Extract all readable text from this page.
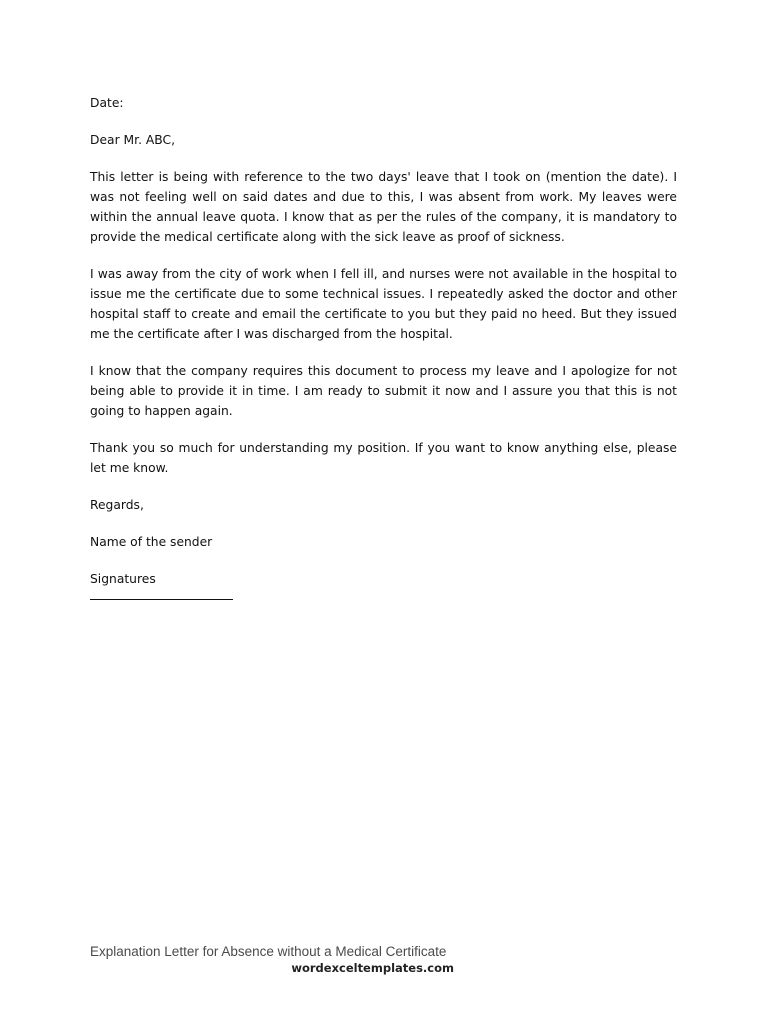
Date:

Dear Mr. ABC,

This letter is being with reference to the two days' leave that I took on (mention the date). I was not feeling well on said dates and due to this, I was absent from work. My leaves were within the annual leave quota. I know that as per the rules of the company, it is mandatory to provide the medical certificate along with the sick leave as proof of sickness.

I was away from the city of work when I fell ill, and nurses were not available in the hospital to issue me the certificate due to some technical issues. I repeatedly asked the doctor and other hospital staff to create and email the certificate to you but they paid no heed. But they issued me the certificate after I was discharged from the hospital.

I know that the company requires this document to process my leave and I apologize for not being able to provide it in time. I am ready to submit it now and I assure you that this is not going to happen again.

Thank you so much for understanding my position. If you want to know anything else, please let me know.

Regards,

Name of the sender

Signatures

Explanation Letter for Absence without a Medical Certificate
wordexceltemplates.com
